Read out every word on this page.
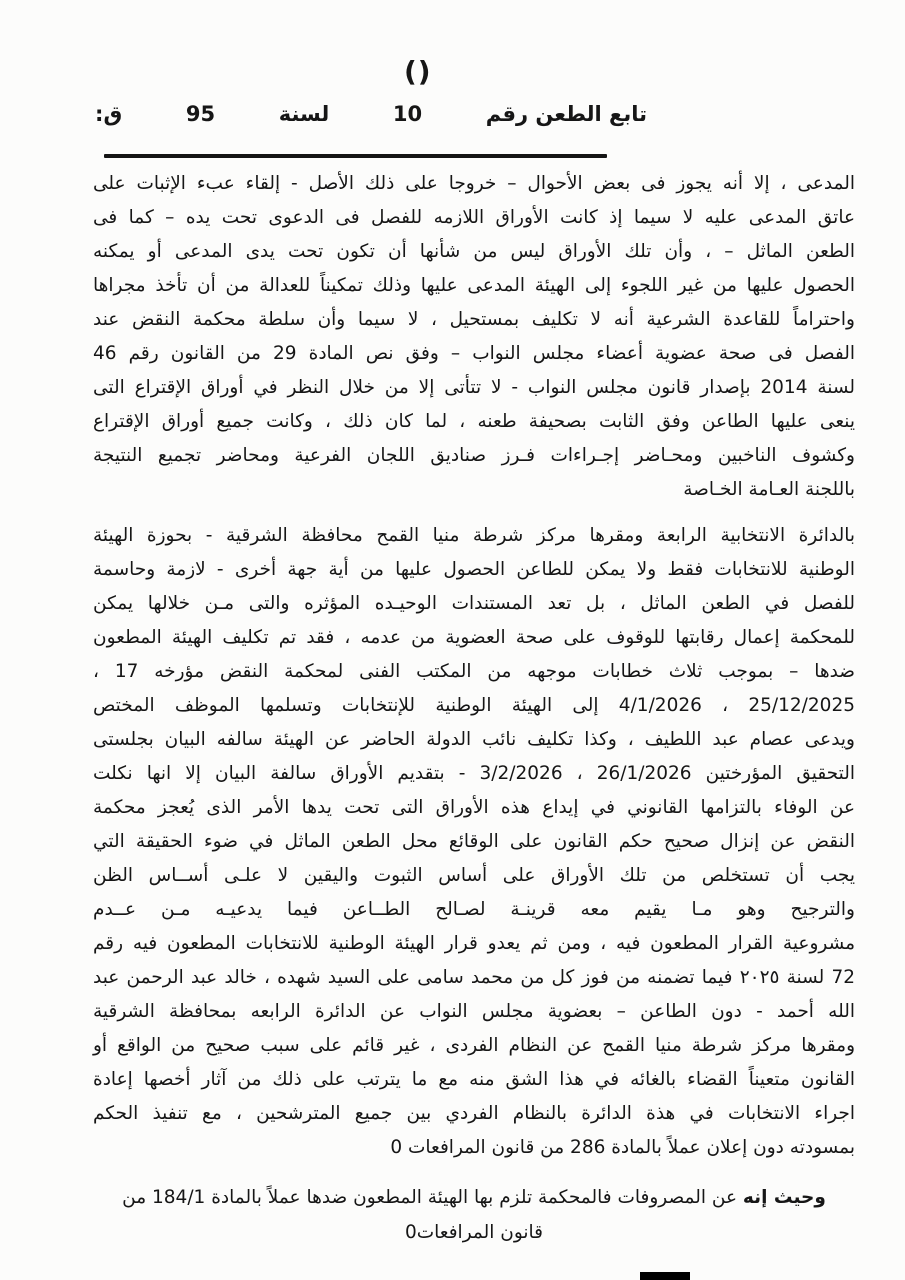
()
تابع الطعن رقم
10
لسنة
95
ق:
المدعى ، إلا أنه يجوز فى بعض الأحوال – خروجا على ذلك الأصل - إلقاء عبء الإثبات على
عاتق المدعى عليه لا سيما إذ كانت الأوراق اللازمه للفصل فى الدعوى تحت يده – كما فى
الطعن الماثل – ، وأن تلك الأوراق ليس من شأنها أن تكون تحت يدى المدعى أو يمكنه
الحصول عليها من غير اللجوء إلى الهيئة المدعى عليها وذلك تمكيناً للعدالة من أن تأخذ مجراها
واحتراماً للقاعدة الشرعية أنه لا تكليف بمستحيل ، لا سيما وأن سلطة محكمة النقض عند
الفصل فى صحة عضوية أعضاء مجلس النواب – وفق نص المادة 29 من القانون رقم 46
لسنة 2014 بإصدار قانون مجلس النواب - لا تتأتى إلا من خلال النظر في أوراق الإقتراع التى
ينعى عليها الطاعن وفق الثابت بصحيفة طعنه ، لما كان ذلك ، وكانت جميع أوراق الإقتراع
وكشوف الناخبين ومحـاضر إجـراءات فـرز صناديق اللجان الفرعية ومحاضر تجميع النتيجة
باللجنة العـامة الخـاصة
بالدائرة الانتخابية الرابعة ومقرها مركز شرطة منيا القمح محافظة الشرقية - بحوزة الهيئة
الوطنية للانتخابات فقط ولا يمكن للطاعن الحصول عليها من أية جهة أخرى - لازمة وحاسمة
للفصل في الطعن الماثل ، بل تعد المستندات الوحيـده المؤثره والتى مـن خلالها يمكن
للمحكمة إعمال رقابتها للوقوف على صحة العضوية من عدمه ، فقد تم تكليف الهيئة المطعون
ضدها – بموجب ثلاث خطابات موجهه من المكتب الفنى لمحكمة النقض مؤرخه 17 ،
25/12/2025 ، 4/1/2026 إلى الهيئة الوطنية للإنتخابات وتسلمها الموظف المختص
ويدعى عصام عبد اللطيف ، وكذا تكليف نائب الدولة الحاضر عن الهيئة سالفه البيان بجلستى
التحقيق المؤرختين 26/1/2026 ، 3/2/2026 - بتقديم الأوراق سالفة البيان إلا انها نكلت
عن الوفاء بالتزامها القانوني في إيداع هذه الأوراق التى تحت يدها الأمر الذى يُعجز محكمة
النقض عن إنزال صحيح حكم القانون على الوقائع محل الطعن الماثل في ضوء الحقيقة التي
يجب أن تستخلص من تلك الأوراق على أساس الثبوت واليقين لا علـى أســاس الظن
والترجيح وهو مـا يقيم معه قرينـة لصـالح الطــاعن فيما يدعيـه مـن عــدم
مشروعية القرار المطعون فيه ، ومن ثم يعدو قرار الهيئة الوطنية للانتخابات المطعون فيه رقم
72 لسنة ٢٠٢٥ فيما تضمنه من فوز كل من محمد سامى على السيد شهده ، خالد عبد الرحمن عبد
الله أحمد - دون الطاعن – بعضوية مجلس النواب عن الدائرة الرابعه بمحافظة الشرقية
ومقرها مركز شرطة منيا القمح عن النظام الفردى ، غير قائم على سبب صحيح من الواقع أو
القانون متعيناً القضاء بالغائه في هذا الشق منه مع ما يترتب على ذلك من آثار أخصها إعادة
اجراء الانتخابات في هذة الدائرة بالنظام الفردي بين جميع المترشحين ، مع تنفيذ الحكم
بمسودته دون إعلان عملاً بالمادة 286 من قانون المرافعات 0
وحيث إنه عن المصروفات فالمحكمة تلزم بها الهيئة المطعون ضدها عملاً بالمادة 184/1 من
قانون المرافعات0
